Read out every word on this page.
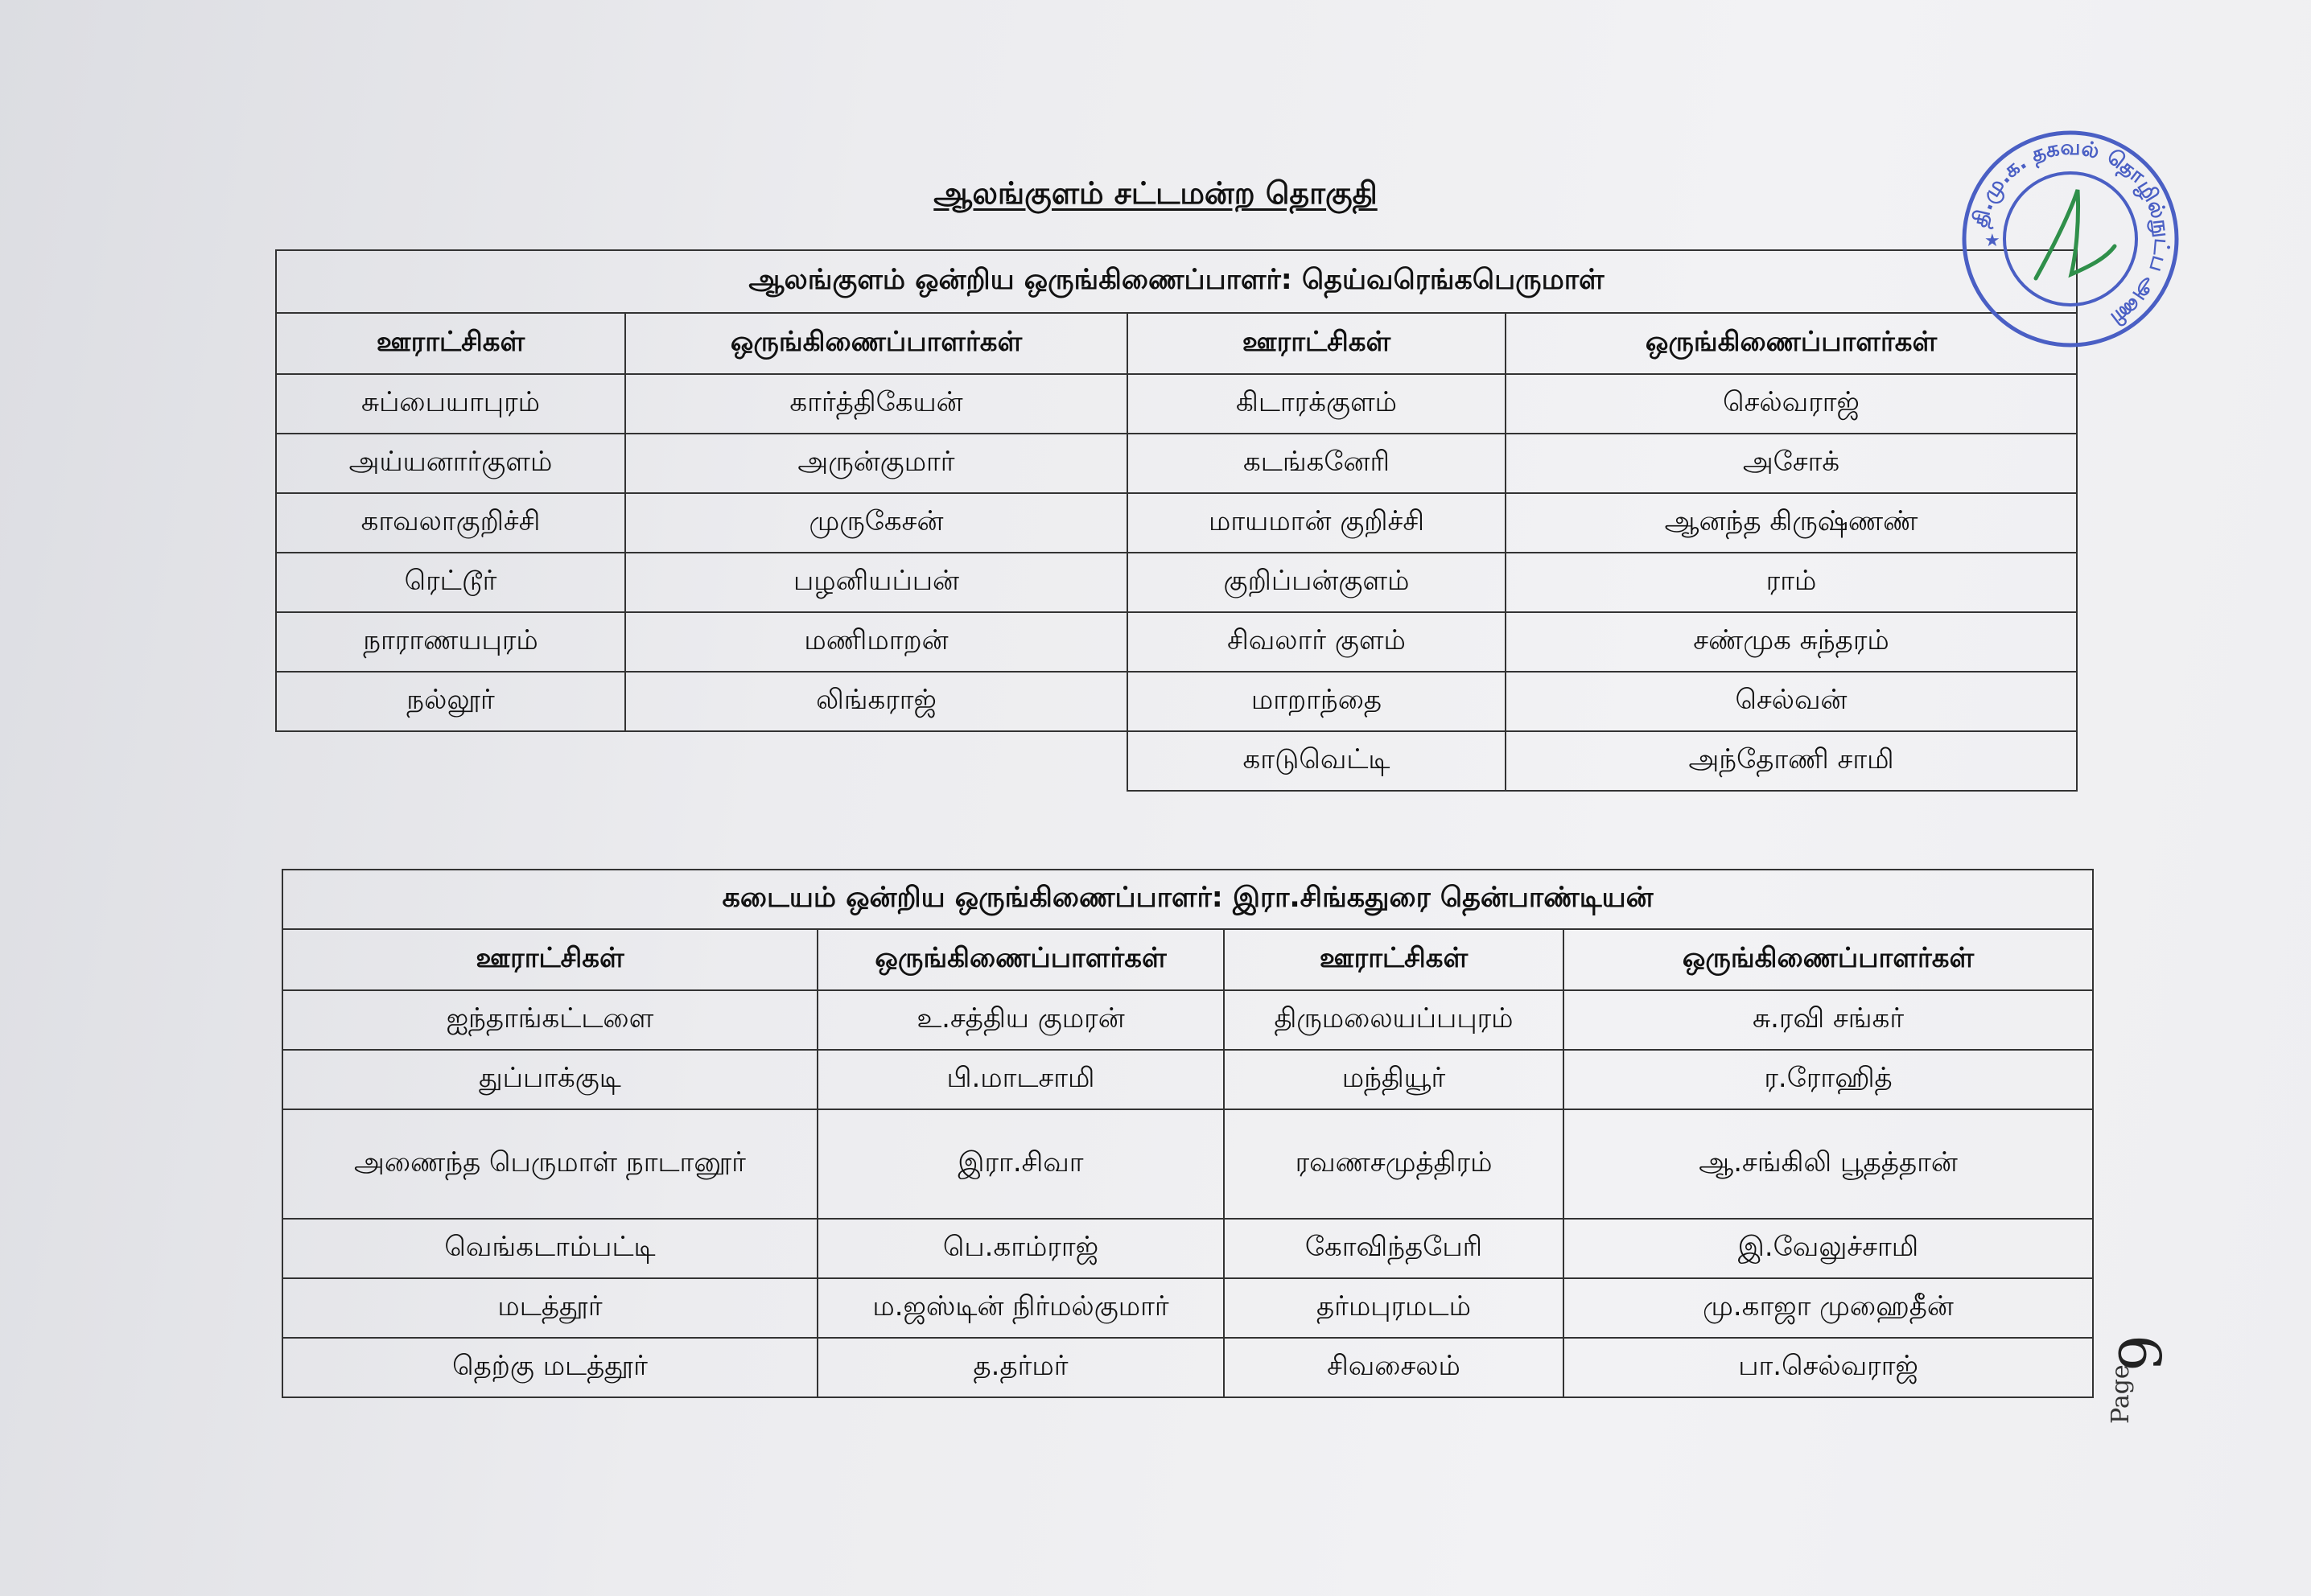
ஆலங்குளம் சட்டமன்ற தொகுதி
ஆலங்குளம் ஒன்றிய ஒருங்கிணைப்பாளர்: தெய்வரெங்கபெருமாள்			
ஊராட்சிகள்	ஒருங்கிணைப்பாளர்கள்	ஊராட்சிகள்	ஒருங்கிணைப்பாளர்கள்
சுப்பையாபுரம்	கார்த்திகேயன்	கிடாரக்குளம்	செல்வராஜ்
அய்யனார்குளம்	அருன்குமார்	கடங்கனேரி	அசோக்
காவலாகுறிச்சி	முருகேசன்	மாயமான் குறிச்சி	ஆனந்த கிருஷ்ணண்
ரெட்டூர்	பழனியப்பன்	குறிப்பன்குளம்	ராம்
நாராணயபுரம்	மணிமாறன்	சிவலார் குளம்	சண்முக சுந்தரம்
நல்லூர்	லிங்கராஜ்	மாறாந்தை	செல்வன்
		காடுவெட்டி	அந்தோணி சாமி
கடையம் ஒன்றிய ஒருங்கிணைப்பாளர்: இரா.சிங்கதுரை தென்பாண்டியன்			
ஊராட்சிகள்	ஒருங்கிணைப்பாளர்கள்	ஊராட்சிகள்	ஒருங்கிணைப்பாளர்கள்
ஐந்தாங்கட்டளை	உ.சத்திய குமரன்	திருமலையப்பபுரம்	சு.ரவி சங்கர்
துப்பாக்குடி	பி.மாடசாமி	மந்தியூர்	ர.ரோஹித்
அணைந்த பெருமாள் நாடானூர்	இரா.சிவா	ரவணசமுத்திரம்	ஆ.சங்கிலி பூதத்தான்
வெங்கடாம்பட்டி	பெ.காம்ராஜ்	கோவிந்தபேரி	இ.வேலுச்சாமி
மடத்தூர்	ம.ஜஸ்டின் நிர்மல்குமார்	தர்மபுரமடம்	மு.காஜா முஹைதீன்
தெற்கு மடத்தூர்	த.தர்மர்	சிவசைலம்	பா.செல்வராஜ்
தி.மு.க. தகவல் தொழில்நுட்ப அணி
★
9
Page
